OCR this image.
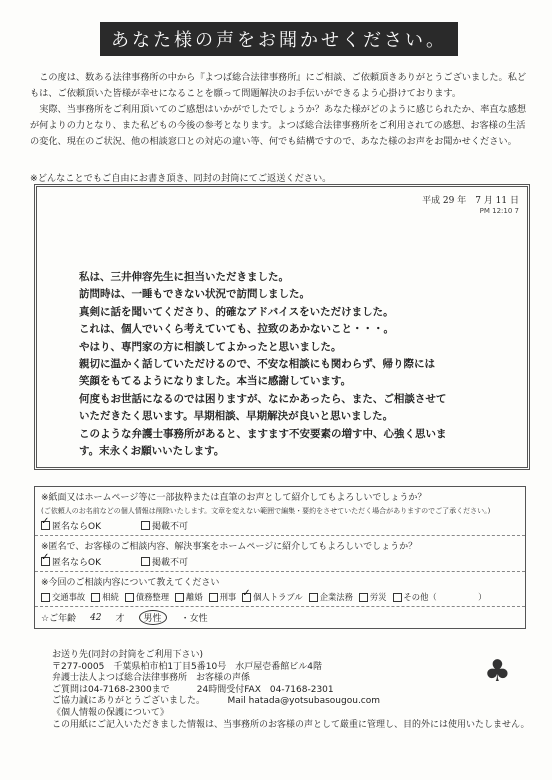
あなた様の声をお聞かせください。

この度は、数ある法律事務所の中から『よつば総合法律事務所』にご相談、ご依頼頂きありがとうございました。私どもは、ご依頼頂いた皆様が幸せになることを願って問題解決のお手伝いができるよう心掛けております。

実際、当事務所をご利用頂いてのご感想はいかがでしたでしょうか？あなた様がどのように感じられたか、率直な感想が何よりの力となり、また私どもの今後の参考となります。よつば総合法律事務所をご利用されての感想、お客様の生活の変化、現在のご状況、他の相談窓口との対応の違い等、何でも結構ですので、あなた様のお声をお聞かせください。

※どんなことでもご自由にお書き頂き、同封の封筒にてご返送ください。
平成 29 年　7 月 11 日
PM 12:10 7
私は、三井伸容先生に担当いただきました。
訪問時は、一睡もできない状況で訪問しました。
真剣に話を聞いてくださり、的確なアドバイスをいただけました。
これは、個人でいくら考えていても、拉致のあかないこと・・・。
やはり、専門家の方に相談してよかったと思いました。
親切に温かく話していただけるので、不安な相談にも関わらず、帰り際には
笑顔をもてるようになりました。本当に感謝しています。
何度もお世話になるのでは困りますが、なにかあったら、また、ご相談させて
いただきたく思います。早期相談、早期解決が良いと思いました。
このような弁護士事務所があると、ますます不安要素の増す中、心強く思いま
す。末永くお願いいたします。
※紙面又はホームページ等に一部抜粋または直筆のお声として紹介してもよろしいでしょうか？
(ご依頼人のお名前などの個人情報は削除いたします。文章を変えない範囲で編集・要約をさせていただく場合がありますのでご了承ください。)
✓
匿名ならOK	掲載不可
※匿名で、お客様のご相談内容、解決事案をホームページに紹介してもよろしいでしょうか？
✓
匿名ならOK	掲載不可
※今回のご相談内容について教えてください
交通事故 相続 債務整理 離婚 刑事
✓ 個人トラブル 企業法務 労災 その他（　　　　　）
☆ご年齢 42 才	男性	・女性
お送り先(同封の封筒をご利用下さい)
〒277-0005　千葉県柏市柏1丁目5番10号　水戸屋壱番館ビル4階
弁護士法人よつば総合法律事務所　お客様の声係
ご質問は04-7168-2300まで　　　24時間受付FAX　04-7168-2301
ご協力誠にありがとうございました。　　　Mail hatada@yotsubasougou.com
《個人情報の保護について》
この用紙にご記入いただきました情報は、当事務所のお客様の声として厳重に管理し、目的外には使用いたしません。
♣
